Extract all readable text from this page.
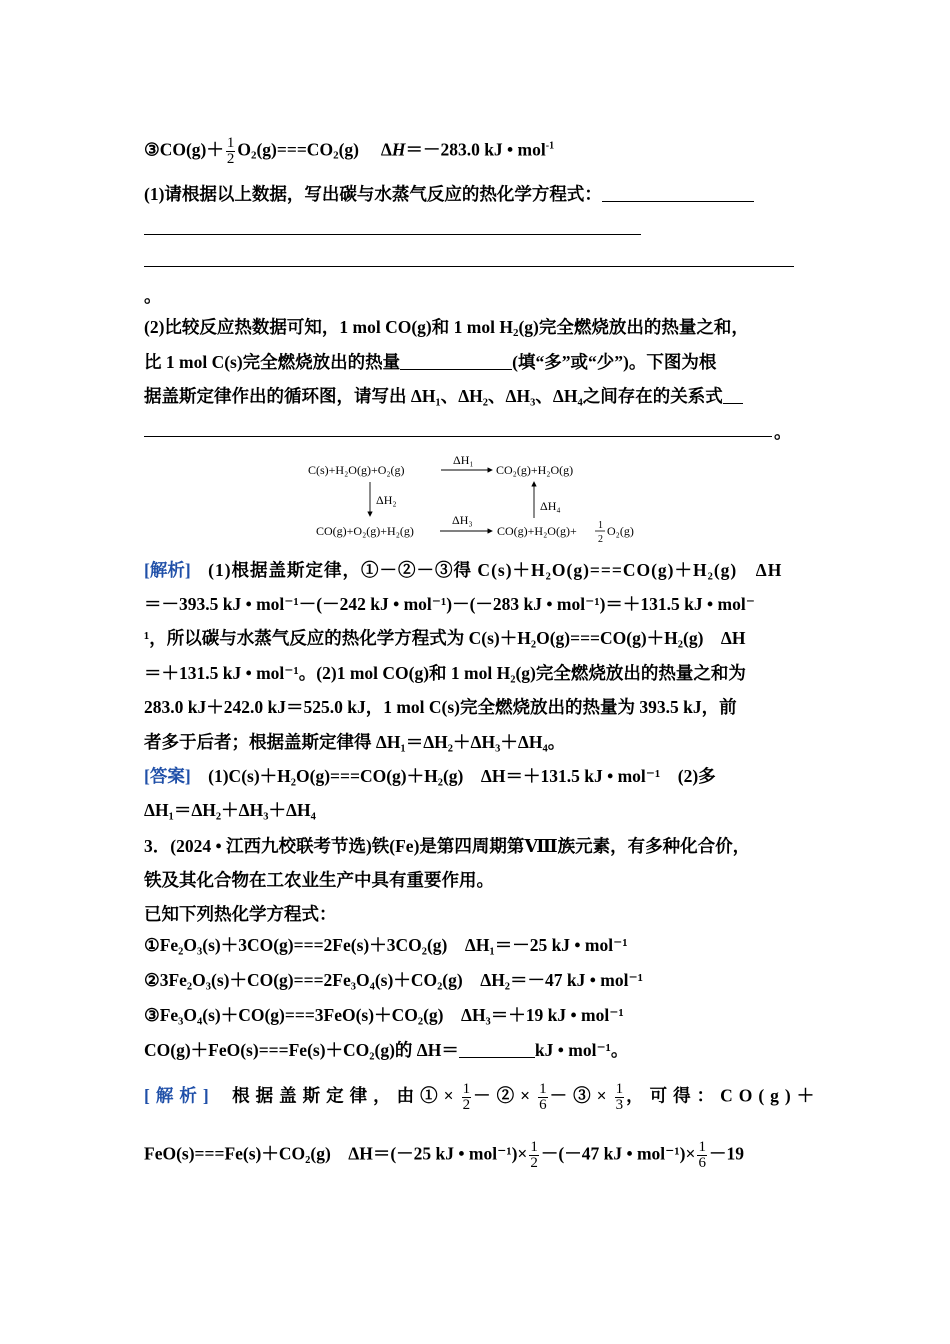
③CO(g)＋ $\frac{1}{2} O_2(g)===CO_2(g)$　 ΔH＝－283.0 kJ • mol$^{-1}$
(1)请根据以上数据，写出碳与水蒸气反应的热化学方程式：
。
(2)比较反应热数据可知，1 mol CO(g)和 1 mol $H_2(g)$完全燃烧放出的热量之和，
比 1 mol C(s)完全燃烧放出的热量	(填“多”或“少”)。下图为根
据盖斯定律作出的循环图，请写出 ΔH₁、ΔH₂、ΔH₃、ΔH₄之间存在的关系式
。
[解析]　 (1)根据盖斯定律，①－②－③得 C(s)＋H₂O(g)===CO(g)＋H₂(g)　ΔH
＝－393.5 kJ • mol⁻¹－(－242 kJ • mol⁻¹)－(－283 kJ • mol⁻¹)＝＋131.5 kJ • mol⁻
¹，所以碳与水蒸气反应的热化学方程式为 C(s)＋H₂O(g)===CO(g)＋H₂(g)　ΔH
＝＋131.5 kJ • mol⁻¹。(2)1 mol CO(g)和 1 mol H₂(g)完全燃烧放出的热量之和为
283.0 kJ＋242.0 kJ＝525.0 kJ，1 mol C(s)完全燃烧放出的热量为 393.5 kJ，前
者多于后者；根据盖斯定律得 ΔH₁＝ΔH₂＋ΔH₃＋ΔH₄。
[答案]　 (1)C(s)＋H₂O(g)===CO(g)＋H₂(g)　ΔH＝＋131.5 kJ • mol⁻¹　(2)多
ΔH₁＝ΔH₂＋ΔH₃＋ΔH₄
3．(2024 • 江西九校联考节选)铁(Fe)是第四周期第Ⅷ族元素，有多种化合价，
铁及其化合物在工农业生产中具有重要作用。
已知下列热化学方程式：
①Fe₂O₃(s)＋3CO(g)===2Fe(s)＋3CO₂(g)　ΔH₁＝－25 kJ • mol⁻¹
②3Fe₂O₃(s)＋CO(g)===2Fe₃O₄(s)＋CO₂(g)　ΔH₂＝－47 kJ • mol⁻¹
③Fe₃O₄(s)＋CO(g)===3FeO(s)＋CO₂(g)　ΔH₃＝＋19 kJ • mol⁻¹
CO(g)＋FeO(s)===Fe(s)＋CO₂(g)的 ΔH＝	kJ • mol⁻¹。
[解析]　 根据盖斯定律，由①× $\frac{1}{2}$ －②× $\frac{1}{6}$ －③× $\frac{1}{3}$ ，可得：CO(g)＋
FeO(s)===Fe(s)＋CO₂(g)　ΔH＝(－25 kJ • $mol^{-1})\times \frac{1}{2} -(-47$ kJ • $mol^{-1})\times \frac{1}{6} -19$
C(s)+H₂O(g)+O₂(g)	CO₂(g)+H₂O(g)
CO(g)+O₂(g)+H₂(g)	CO(g)+H₂O(g)+ 1
2
O₂(g)
ΔH₁
ΔH₂
ΔH₃
ΔH₄
